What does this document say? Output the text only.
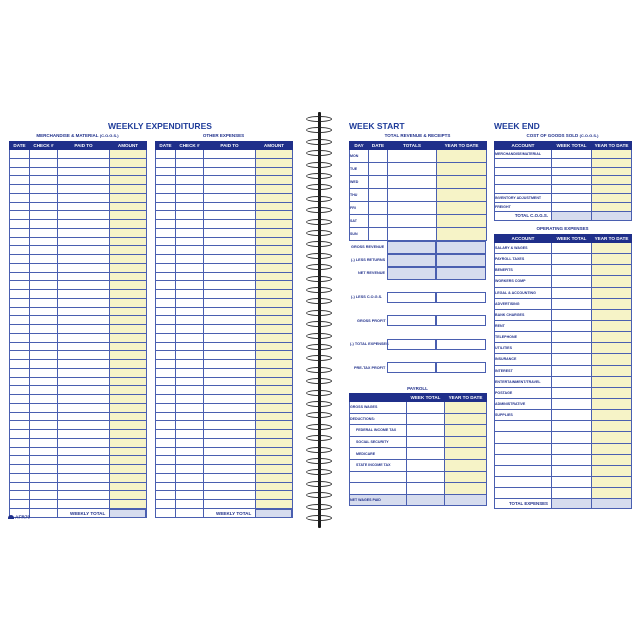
WEEKLY EXPENDITURES
MERCHANDISE & MATERIAL (C.O.G.S.)
DATE	CHECK #	PAID TO	AMOUNT

WEEKLY TOTAL
OTHER EXPENSES
DATE	CHECK #	PAID TO	AMOUNT

WEEKLY TOTAL
AFR70
WEEK START	WEEK END
TOTAL REVENUE & RECEIPTS
DAY	DATE	TOTALS	YEAR TO DATE
MON			
TUE			
WED			
THU			
FRI			
SAT			
SUN			
GROSS REVENUE
(-) LESS RETURNS
NET REVENUE
(-) LESS C.O.G.S.
GROSS PROFIT
(-) TOTAL EXPENSES
PRE-TAX PROFIT
PAYROLL
	WEEK TOTAL	YEAR TO DATE
GROSS WAGES		
DEDUCTIONS:		
FEDERAL INCOME TAX		
SOCIAL SECURITY		
MEDICARE		
STATE INCOME TAX		

NET WAGES PAID		
COST OF GOODS SOLD (C.O.G.S.)
ACCOUNT	WEEK TOTAL	YEAR TO DATE
MERCHANDISE/MATERIAL		

INVENTORY ADJUSTMENT		
FREIGHT		
TOTAL C.O.G.S.		
OPERATING EXPENSES
ACCOUNT	WEEK TOTAL	YEAR TO DATE
SALARY & WAGES		
PAYROLL TAXES		
BENEFITS		
WORKERS COMP		
LEGAL & ACCOUNTING		
ADVERTISING		
BANK CHARGES		
RENT		
TELEPHONE		
UTILITIES		
INSURANCE		
INTEREST		
ENTERTAINMENT/TRAVEL		
POSTAGE		
ADMINISTRATIVE		
SUPPLIES		

TOTAL EXPENSES		
